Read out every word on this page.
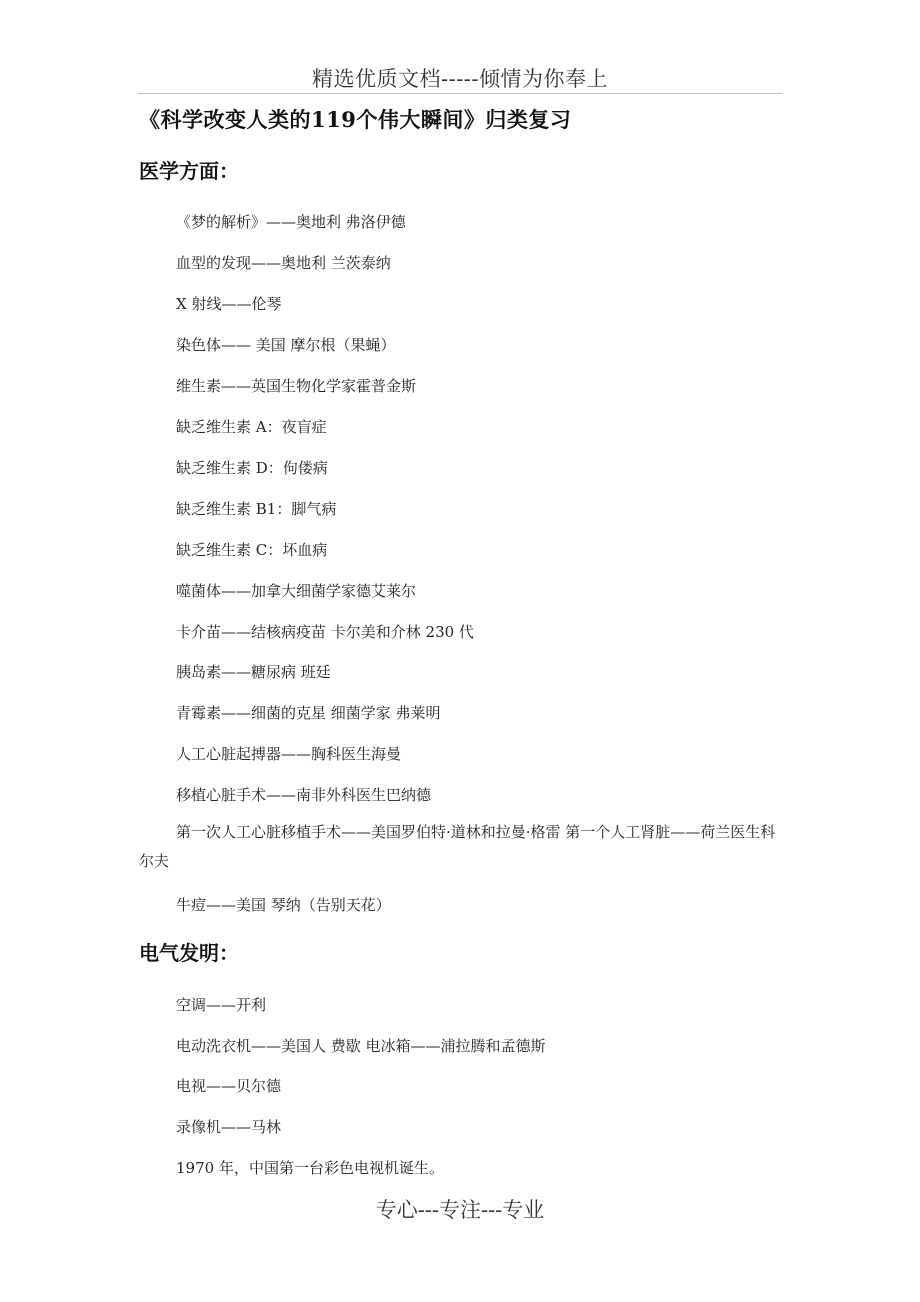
精选优质文档-----倾情为你奉上
《科学改变人类的119个伟大瞬间》归类复习
医学方面：
《梦的解析》——奥地利 弗洛伊德
血型的发现——奥地利 兰茨泰纳
X 射线——伦琴
染色体—— 美国 摩尔根（果蝇）
维生素——英国生物化学家霍普金斯
缺乏维生素 A：夜盲症
缺乏维生素 D：佝偻病
缺乏维生素 B1：脚气病
缺乏维生素 C：坏血病
噬菌体——加拿大细菌学家德艾莱尔
卡介苗——结核病疫苗 卡尔美和介林 230 代
胰岛素——糖尿病 班廷
青霉素——细菌的克星 细菌学家 弗莱明
人工心脏起搏器——胸科医生海曼
移植心脏手术——南非外科医生巴纳德
第一次人工心脏移植手术——美国罗伯特·道林和拉曼·格雷 第一个人工肾脏——荷兰医生科尔夫
牛痘——美国 琴纳（告别天花）
电气发明：
空调——开利
电动洗衣机——美国人 费歇 电冰箱——浦拉腾和孟德斯
电视——贝尔德
录像机——马林
1970 年，中国第一台彩色电视机诞生。
专心---专注---专业
